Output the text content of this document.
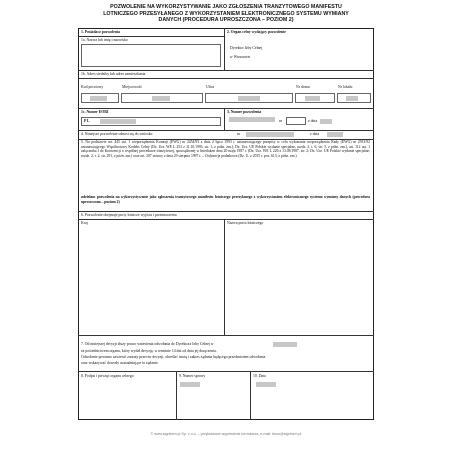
POZWOLENIE NA WYKORZYSTYWANIE JAKO ZGŁOSZENIA TRANZYTOWEGO MANIFESTU
LOTNICZEGO PRZESYŁANEGO Z WYKORZYSTANIEM ELEKTRONICZNEGO SYSTEMU WYMIANY
DANYCH (PROCEDURA UPROSZCZONA – POZIOM 2)
1. Posiadacz pozwolenia	2. Organ celny wydający pozwolenie
1a. Nazwa lub imię i nazwisko
Dyrektor Izby Celnej
w Warszawie
1b. Adres siedziby lub adres zamieszkania
Kod pocztowy	Miejscowość	Ulica	Nr domu	Nr lokalu
1c. Numer EORI	3. Numer pozwolenia
P L	nr	z dnia
4. Niniejsze pozwolenie odnosi się do wniosku	nr	z dnia
5. Na podstawie art. 445 ust. 1 rozporządzenia Komisji (EWG) nr 2454/93 z dnia 2 lipca 1993 r. ustanawiającego przepisy w celu wykonania rozporządzenia Rady (EWG) nr 2913/92 ustanawiającego Wspólnotowy Kodeks Celny (Dz. Urz. WE L 253 z 11.10.1993, str. 1, z późn. zm.), Dz. Urz. UE Polskie wydanie specjalne, rozdz. 2, t. 6, str. 3, z późn. zm.), art. 112 ust. 1 załącznika I do Konwencji o wspólnej procedurze tranzytowej, sporządzonej w Interlaken dnia 20 maja 1987 r. (Dz. Urz. WE L 226 z 13.08.1987, str. 2; Dz. Urz. UE Polskie wydanie specjalne, rozdz. 2, t. 2, str. 291, z późn. zm.) oraz art. 207 ustawy z dnia 29 sierpnia 1997 r. – Ordynacja podatkowa (Dz. U. z 2015 r. poz. 613, z późn. zm.)
udzielam pozwolenia na wykorzystywanie jako zgłoszenia tranzytowego manifestu lotniczego przesyłanego z wykorzystaniem elektronicznego systemu wymiany danych (procedura uproszczona – poziom 2)
6. Pozwolenie obejmuje porty lotnicze wyjścia i przeznaczenia
Kraj	Nazwa portu lotniczego
7. Od niniejszej decyzji służy prawo wniesienia odwołania do Dyrektora Izby Celnej w
za pośrednictwem organu, który wydał decyzję, w terminie 14 dni od dnia jej doręczenia.
Odwołanie powinno zawierać zarzuty przeciw decyzji, określać istotę i zakres żądania będącego przedmiotem odwołania
oraz wskazywać dowody uzasadniające to żądanie.
8. Podpis i pieczęć organu celnego	9. Numer sprawy	10. Data
© www.signform.pl Sp. z o.o. – przykładowe wypełnienie formularza, e-mail: biuro@signform.pl
